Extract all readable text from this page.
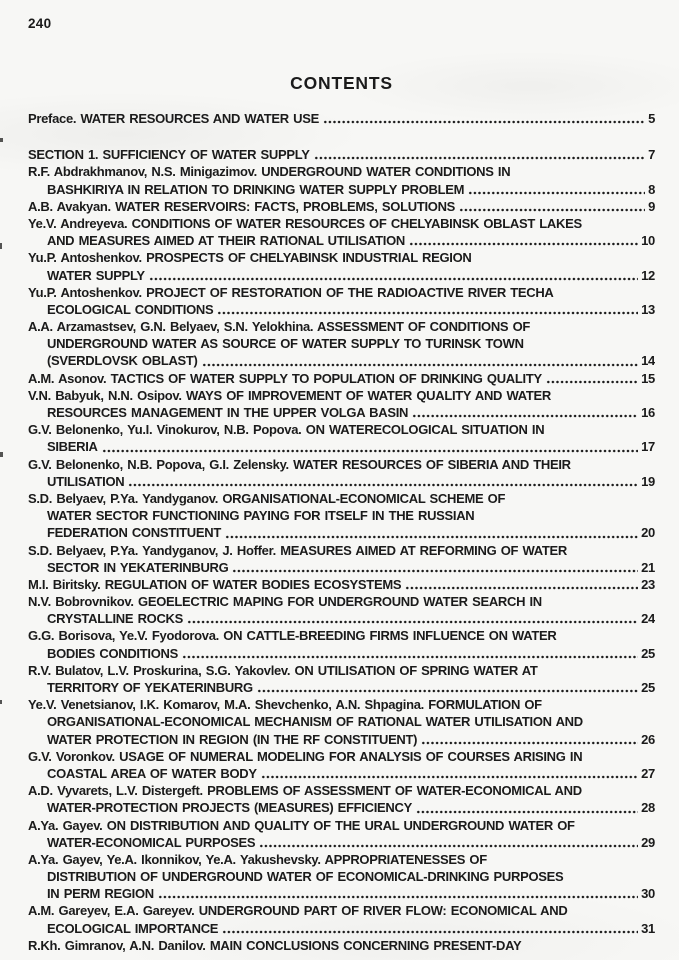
240
CONTENTS
Preface. WATER RESOURCES AND WATER USE	5
SECTION 1. SUFFICIENCY OF WATER SUPPLY	7
R.F. Abdrakhmanov, N.S. Minigazimov. UNDERGROUND WATER CONDITIONS IN
BASHKIRIYA IN RELATION TO DRINKING WATER SUPPLY PROBLEM	8
A.B. Avakyan. WATER RESERVOIRS: FACTS, PROBLEMS, SOLUTIONS	9
Ye.V. Andreyeva. CONDITIONS OF WATER RESOURCES OF CHELYABINSK OBLAST LAKES
AND MEASURES AIMED AT THEIR RATIONAL UTILISATION	10
Yu.P. Antoshenkov. PROSPECTS OF CHELYABINSK INDUSTRIAL REGION
WATER SUPPLY	12
Yu.P. Antoshenkov. PROJECT OF RESTORATION OF THE RADIOACTIVE RIVER TECHA
ECOLOGICAL CONDITIONS	13
A.A. Arzamastsev, G.N. Belyaev, S.N. Yelokhina. ASSESSMENT OF CONDITIONS OF
UNDERGROUND WATER AS SOURCE OF WATER SUPPLY TO TURINSK TOWN
(SVERDLOVSK OBLAST)	14
A.M. Asonov. TACTICS OF WATER SUPPLY TO POPULATION OF DRINKING QUALITY	15
V.N. Babyuk, N.N. Osipov. WAYS OF IMPROVEMENT OF WATER QUALITY AND WATER
RESOURCES MANAGEMENT IN THE UPPER VOLGA BASIN	16
G.V. Belonenko, Yu.I. Vinokurov, N.B. Popova. ON WATERECOLOGICAL SITUATION IN
SIBERIA	17
G.V. Belonenko, N.B. Popova, G.I. Zelensky. WATER RESOURCES OF SIBERIA AND THEIR
UTILISATION	19
S.D. Belyaev, P.Ya. Yandyganov. ORGANISATIONAL-ECONOMICAL SCHEME OF
WATER SECTOR FUNCTIONING PAYING FOR ITSELF IN THE RUSSIAN
FEDERATION CONSTITUENT	20
S.D. Belyaev, P.Ya. Yandyganov, J. Hoffer. MEASURES AIMED AT REFORMING OF WATER
SECTOR IN YEKATERINBURG	21
M.I. Biritsky. REGULATION OF WATER BODIES ECOSYSTEMS	23
N.V. Bobrovnikov. GEOELECTRIC MAPING FOR UNDERGROUND WATER SEARCH IN
CRYSTALLINE ROCKS	24
G.G. Borisova, Ye.V. Fyodorova. ON CATTLE-BREEDING FIRMS INFLUENCE ON WATER
BODIES CONDITIONS	25
R.V. Bulatov, L.V. Proskurina, S.G. Yakovlev. ON UTILISATION OF SPRING WATER AT
TERRITORY OF YEKATERINBURG	25
Ye.V. Venetsianov, I.K. Komarov, M.A. Shevchenko, A.N. Shpagina. FORMULATION OF
ORGANISATIONAL-ECONOMICAL MECHANISM OF RATIONAL WATER UTILISATION AND
WATER PROTECTION IN REGION (IN THE RF CONSTITUENT)	26
G.V. Voronkov. USAGE OF NUMERAL MODELING FOR ANALYSIS OF COURSES ARISING IN
COASTAL AREA OF WATER BODY	27
A.D. Vyvarets, L.V. Distergeft. PROBLEMS OF ASSESSMENT OF WATER-ECONOMICAL AND
WATER-PROTECTION PROJECTS (MEASURES) EFFICIENCY	28
A.Ya. Gayev. ON DISTRIBUTION AND QUALITY OF THE URAL UNDERGROUND WATER OF
WATER-ECONOMICAL PURPOSES	29
A.Ya. Gayev, Ye.A. Ikonnikov, Ye.A. Yakushevsky. APPROPRIATENESSES OF
DISTRIBUTION OF UNDERGROUND WATER OF ECONOMICAL-DRINKING PURPOSES
IN PERM REGION	30
A.M. Gareyev, E.A. Gareyev. UNDERGROUND PART OF RIVER FLOW: ECONOMICAL AND
ECOLOGICAL IMPORTANCE	31
R.Kh. Gimranov, A.N. Danilov. MAIN CONCLUSIONS CONCERNING PRESENT-DAY
